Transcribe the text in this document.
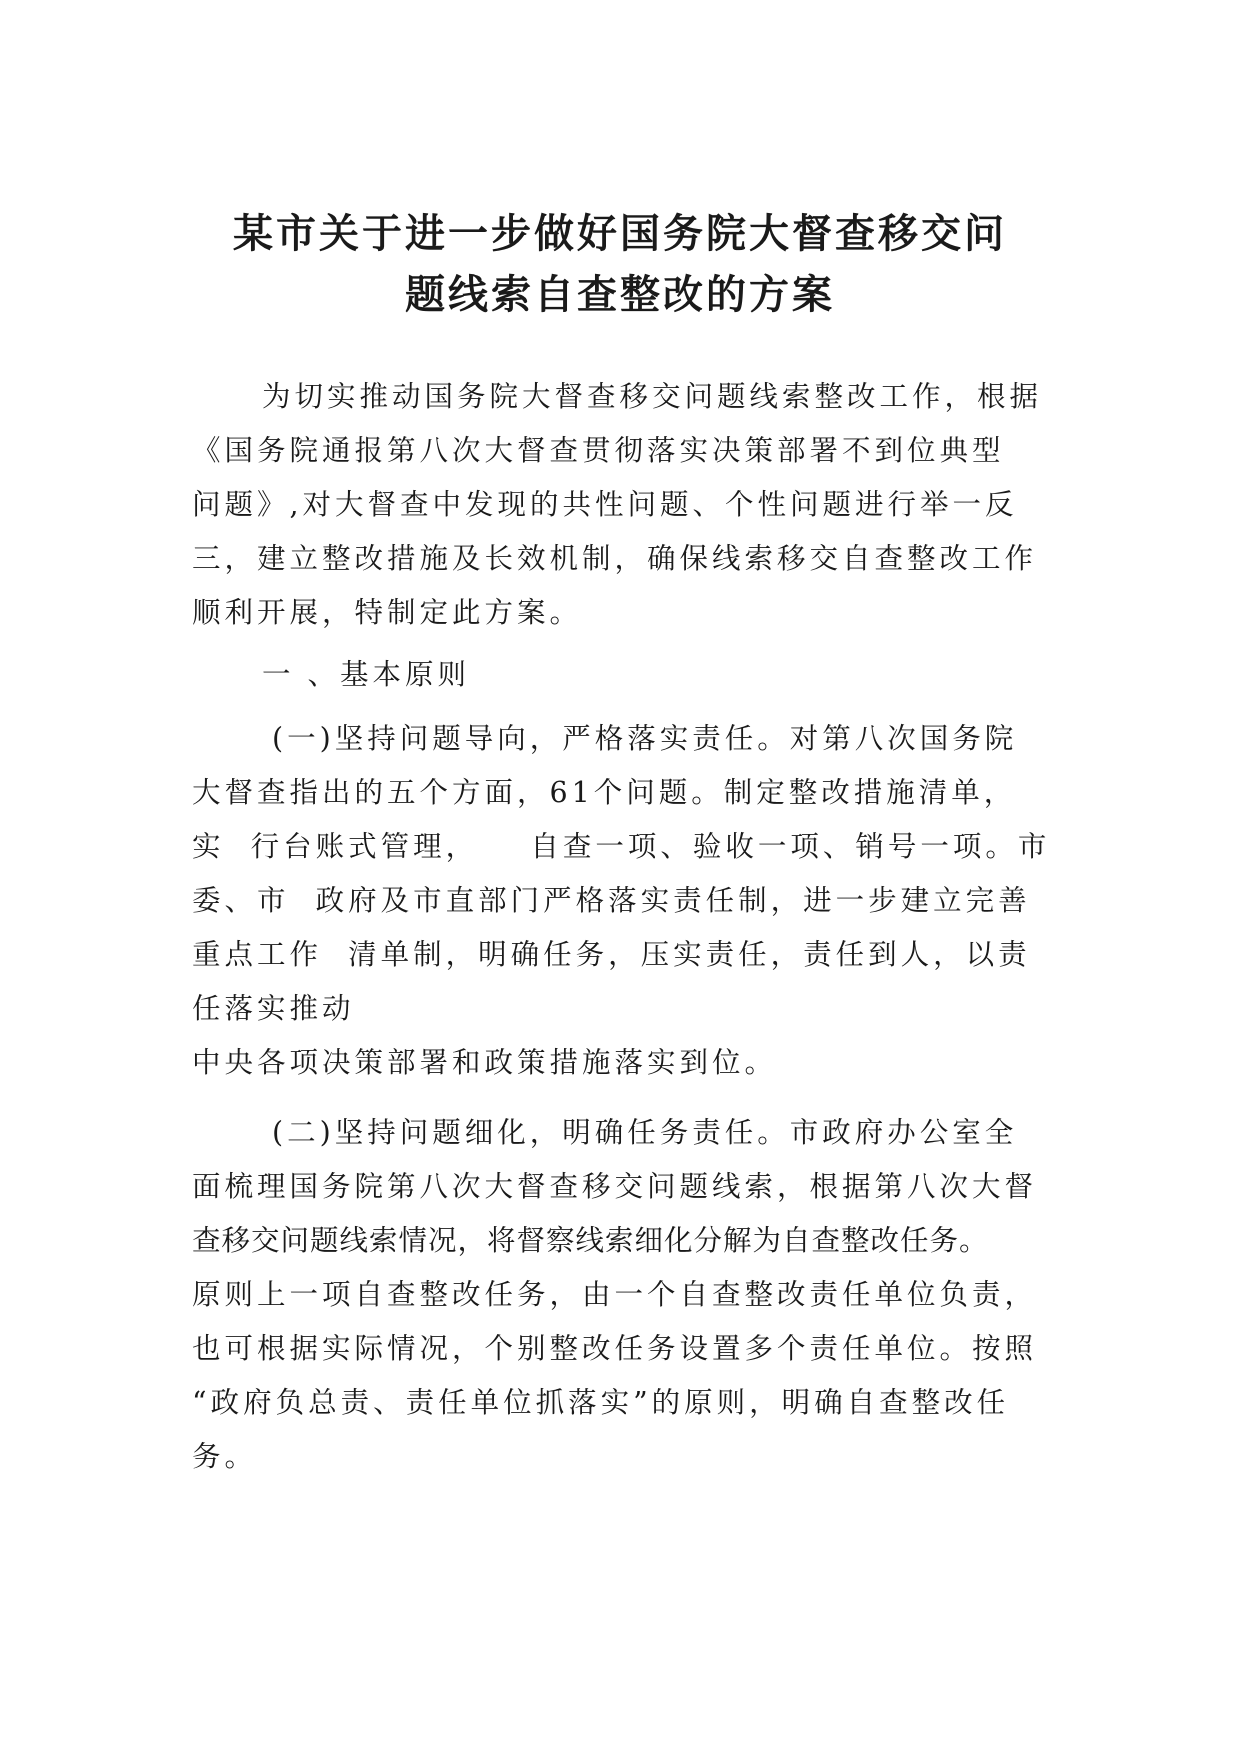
某市关于进一步做好国务院大督查移交问
题线索自查整改的方案
为切实推动国务院大督查移交问题线索整改工作，根据
《国务院通报第八次大督查贯彻落实决策部署不到位典型
问题》,对大督查中发现的共性问题、个性问题进行举一反
三，建立整改措施及长效机制，确保线索移交自查整改工作
顺利开展，特制定此方案。
一 、基本原则
(一)坚持问题导向，严格落实责任。对第八次国务院
大督查指出的五个方面，61个问题。制定整改措施清单，
实  行台账式管理，    自查一项、验收一项、销号一项。市
委、市  政府及市直部门严格落实责任制，进一步建立完善
重点工作  清单制，明确任务，压实责任，责任到人，以责
任落实推动
中央各项决策部署和政策措施落实到位。
(二)坚持问题细化，明确任务责任。市政府办公室全
面梳理国务院第八次大督查移交问题线索，根据第八次大督
查移交问题线索情况，将督察线索细化分解为自查整改任务。
原则上一项自查整改任务，由一个自查整改责任单位负责，
也可根据实际情况，个别整改任务设置多个责任单位。按照
“政府负总责、责任单位抓落实”的原则，明确自查整改任
务。
